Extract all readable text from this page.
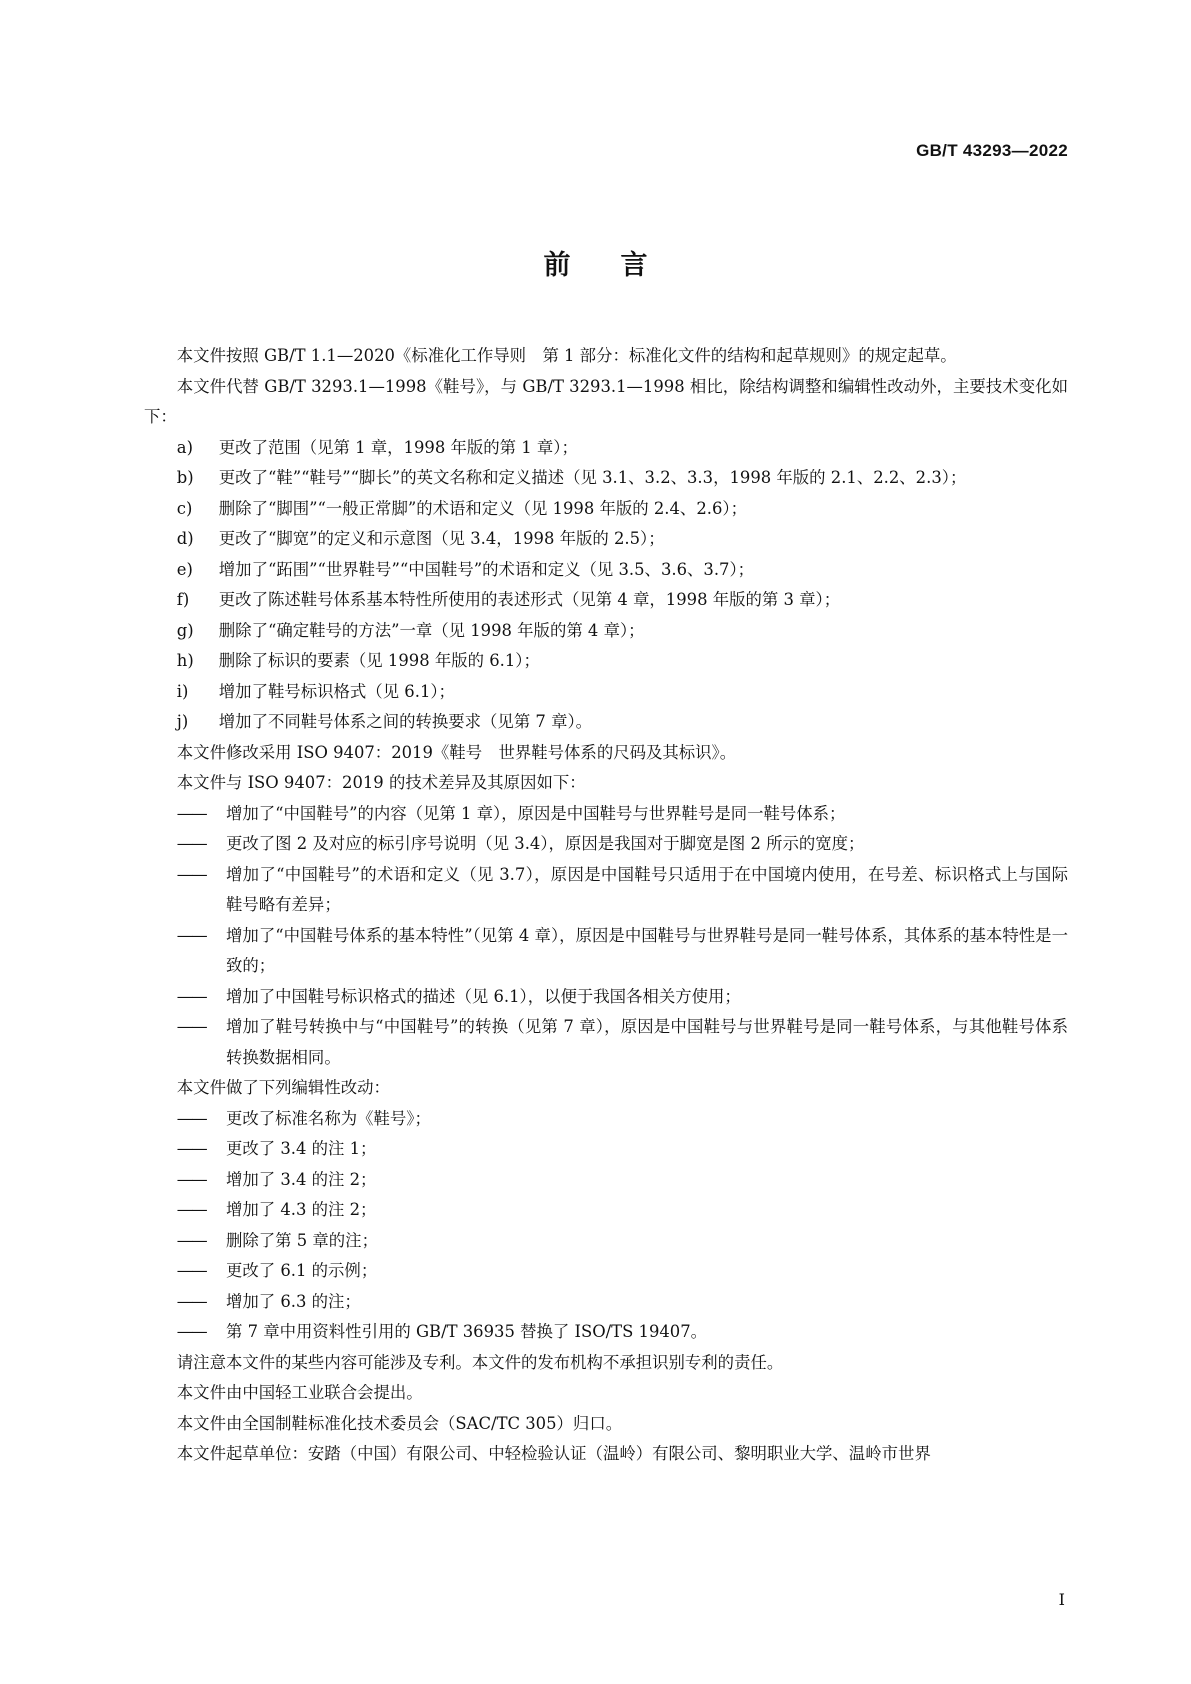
GB/T 43293—2022

前言

本文件按照 GB/T 1.1—2020《标准化工作导则　第 1 部分：标准化文件的结构和起草规则》的规定起草。

本文件代替 GB/T 3293.1—1998《鞋号》，与 GB/T 3293.1—1998 相比，除结构调整和编辑性改动外，主要技术变化如下：

a)	更改了范围（见第 1 章，1998 年版的第 1 章）；
b)	更改了“鞋”“鞋号”“脚长”的英文名称和定义描述（见 3.1、3.2、3.3，1998 年版的 2.1、2.2、2.3）；
c)	删除了“脚围”“一般正常脚”的术语和定义（见 1998 年版的 2.4、2.6）；
d)	更改了“脚宽”的定义和示意图（见 3.4，1998 年版的 2.5）；
e)	增加了“跖围”“世界鞋号”“中国鞋号”的术语和定义（见 3.5、3.6、3.7）；
f)	更改了陈述鞋号体系基本特性所使用的表述形式（见第 4 章，1998 年版的第 3 章）；
g)	删除了“确定鞋号的方法”一章（见 1998 年版的第 4 章）；
h)	删除了标识的要素（见 1998 年版的 6.1）；
i)	增加了鞋号标识格式（见 6.1）；
j)	增加了不同鞋号体系之间的转换要求（见第 7 章）。

本文件修改采用 ISO 9407：2019《鞋号　世界鞋号体系的尺码及其标识》。

本文件与 ISO 9407：2019 的技术差异及其原因如下：

——	增加了“中国鞋号”的内容（见第 1 章），原因是中国鞋号与世界鞋号是同一鞋号体系；
——	更改了图 2 及对应的标引序号说明（见 3.4），原因是我国对于脚宽是图 2 所示的宽度；
——	增加了“中国鞋号”的术语和定义（见 3.7），原因是中国鞋号只适用于在中国境内使用，在号差、标识格式上与国际鞋号略有差异；
——	增加了“中国鞋号体系的基本特性”（见第 4 章），原因是中国鞋号与世界鞋号是同一鞋号体系，其体系的基本特性是一致的；
——	增加了中国鞋号标识格式的描述（见 6.1），以便于我国各相关方使用；
——	增加了鞋号转换中与“中国鞋号”的转换（见第 7 章），原因是中国鞋号与世界鞋号是同一鞋号体系，与其他鞋号体系转换数据相同。

本文件做了下列编辑性改动：

——	更改了标准名称为《鞋号》；
——	更改了 3.4 的注 1；
——	增加了 3.4 的注 2；
——	增加了 4.3 的注 2；
——	删除了第 5 章的注；
——	更改了 6.1 的示例；
——	增加了 6.3 的注；
——	第 7 章中用资料性引用的 GB/T 36935 替换了 ISO/TS 19407。

请注意本文件的某些内容可能涉及专利。本文件的发布机构不承担识别专利的责任。

本文件由中国轻工业联合会提出。

本文件由全国制鞋标准化技术委员会（SAC/TC 305）归口。

本文件起草单位：安踏（中国）有限公司、中轻检验认证（温岭）有限公司、黎明职业大学、温岭市世界

Ⅰ
